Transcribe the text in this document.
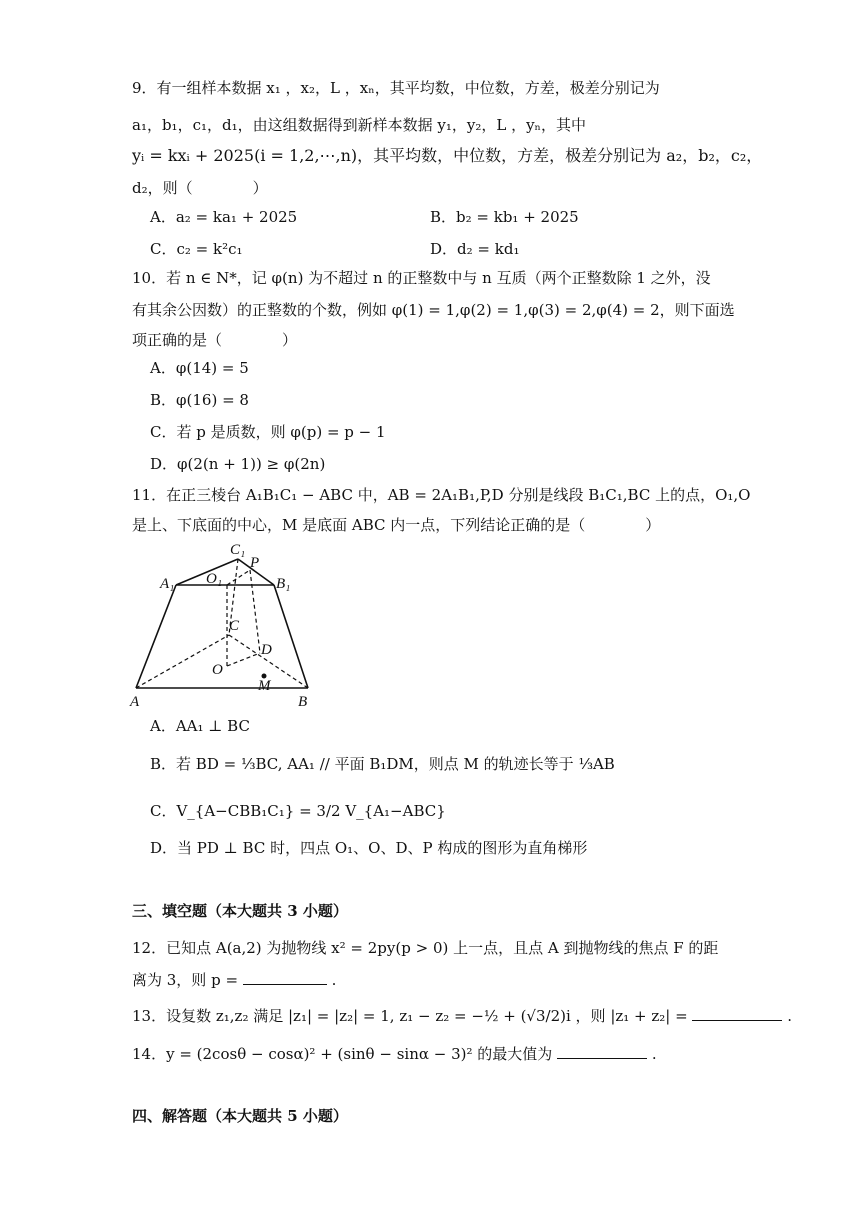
9．有一组样本数据 x₁ ，x₂，L ，xₙ，其平均数，中位数，方差，极差分别记为
a₁，b₁，c₁，d₁，由这组数据得到新样本数据 y₁，y₂，L ，yₙ，其中
yᵢ = kxᵢ + 2025(i = 1,2,⋯,n)，其平均数，中位数，方差，极差分别记为 a₂，b₂，c₂，
d₂，则（　　　　）
A．a₂ = ka₁ + 2025	B．b₂ = kb₁ + 2025
C．c₂ = k²c₁	D．d₂ = kd₁
10．若 n ∈ N*，记 φ(n) 为不超过 n 的正整数中与 n 互质（两个正整数除 1 之外，没
有其余公因数）的正整数的个数，例如 φ(1) = 1,φ(2) = 1,φ(3) = 2,φ(4) = 2，则下面选
项正确的是（　　　　）
A．φ(14) = 5
B．φ(16) = 8
C．若 p 是质数，则 φ(p) = p − 1
D．φ(2(n + 1)) ≥ φ(2n)
11．在正三棱台 A₁B₁C₁ − ABC 中，AB = 2A₁B₁,P,D 分别是线段 B₁C₁,BC 上的点，O₁,O
是上、下底面的中心，M 是底面 ABC 内一点，下列结论正确的是（　　　　）
C₁
P
A₁ O₁	B₁
C
D
O
M
A	B
A．AA₁ ⊥ BC
B．若 BD = ⅓BC, AA₁ // 平面 B₁DM，则点 M 的轨迹长等于 ⅓AB
C．V_{A−CBB₁C₁} = 3/2 V_{A₁−ABC}
D．当 PD ⊥ BC 时，四点 O₁、O、D、P 构成的图形为直角梯形
三、填空题（本大题共 3 小题）
12．已知点 A(a,2) 为抛物线 x² = 2py(p > 0) 上一点，且点 A 到抛物线的焦点 F 的距
离为 3，则 p =	.
13．设复数 z₁,z₂ 满足 |z₁| = |z₂| = 1, z₁ − z₂ = −½ + (√3/2)i ，则 |z₁ + z₂| =	.
14．y = (2cosθ − cosα)² + (sinθ − sinα − 3)² 的最大值为	.
四、解答题（本大题共 5 小题）
